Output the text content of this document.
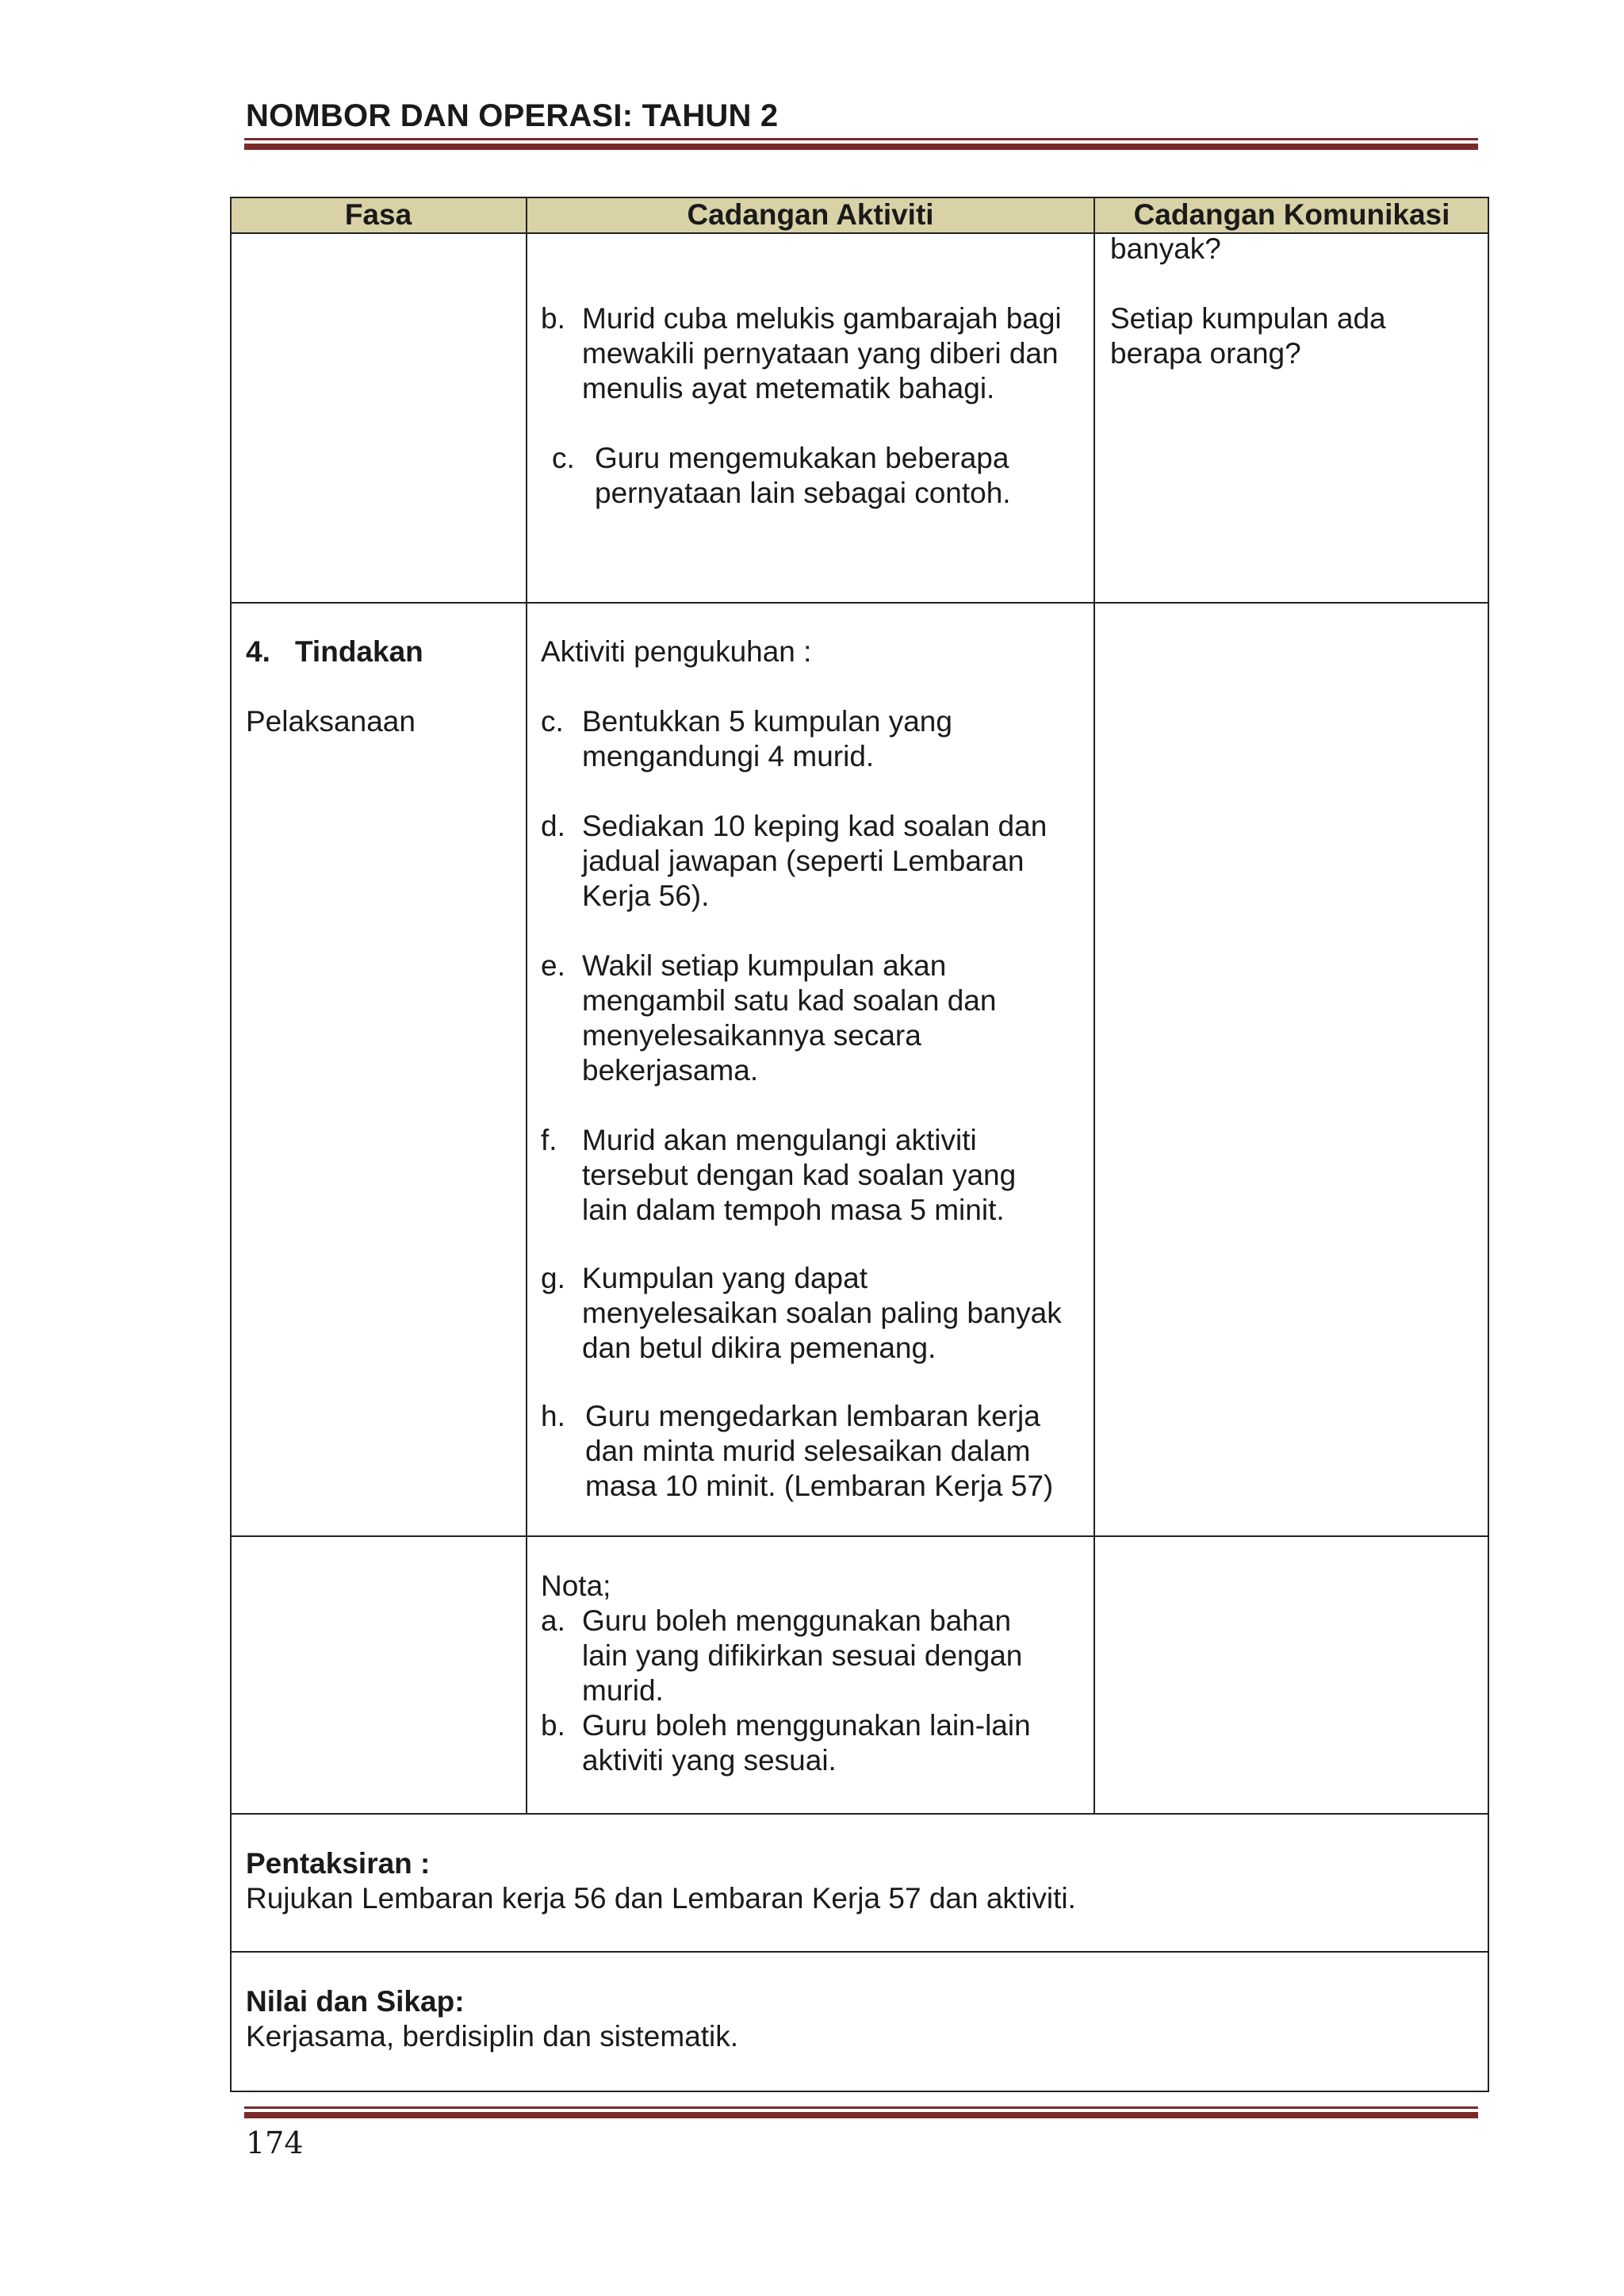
NOMBOR DAN OPERASI: TAHUN 2
Fasa	Cadangan Aktiviti	Cadangan Komunikasi
b. Murid cuba melukis gambarajah bagi
mewakili pernyataan yang diberi dan
menulis ayat metematik bahagi.
c. Guru mengemukakan beberapa
pernyataan lain sebagai contoh.
banyak?
Setiap kumpulan ada
berapa orang?
4. Tindakan
Pelaksanaan
Aktiviti pengukuhan :
c. Bentukkan 5 kumpulan yang
mengandungi 4 murid.
d. Sediakan 10 keping kad soalan dan
jadual jawapan (seperti Lembaran
Kerja 56).
e. Wakil setiap kumpulan akan
mengambil satu kad soalan dan
menyelesaikannya secara
bekerjasama.
f. Murid akan mengulangi aktiviti
tersebut dengan kad soalan yang
lain dalam tempoh masa 5 minit.
g. Kumpulan yang dapat
menyelesaikan soalan paling banyak
dan betul dikira pemenang.
h. Guru mengedarkan lembaran kerja
dan minta murid selesaikan dalam
masa 10 minit. (Lembaran Kerja 57)
Nota;
a. Guru boleh menggunakan bahan
lain yang difikirkan sesuai dengan
murid.
b. Guru boleh menggunakan lain-lain
aktiviti yang sesuai.
Pentaksiran :
Rujukan Lembaran kerja 56 dan Lembaran Kerja 57 dan aktiviti.
Nilai dan Sikap:
Kerjasama, berdisiplin dan sistematik.
174
